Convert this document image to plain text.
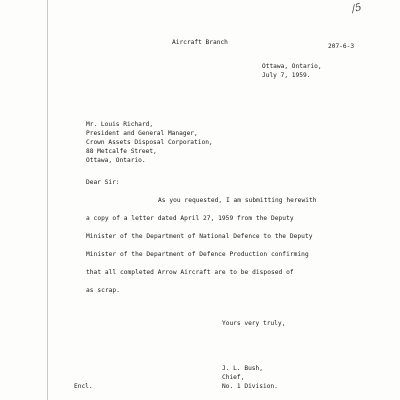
/5
Aircraft Branch
207-6-3
Ottawa, Ontario,
July 7, 1959.
Mr. Louis Richard,
President and General Manager,
Crown Assets Disposal Corporation,
88 Metcalfe Street,
Ottawa, Ontario.
Dear Sir:
As you requested, I am submitting herewith
a copy of a letter dated April 27, 1959 from the Deputy
Minister of the Department of National Defence to the Deputy
Minister of the Department of Defence Production confirming
that all completed Arrow Aircraft are to be disposed of
as scrap.
Yours very truly,
J. L. Bush,
Chief,
No. 1 Division.
Encl.
